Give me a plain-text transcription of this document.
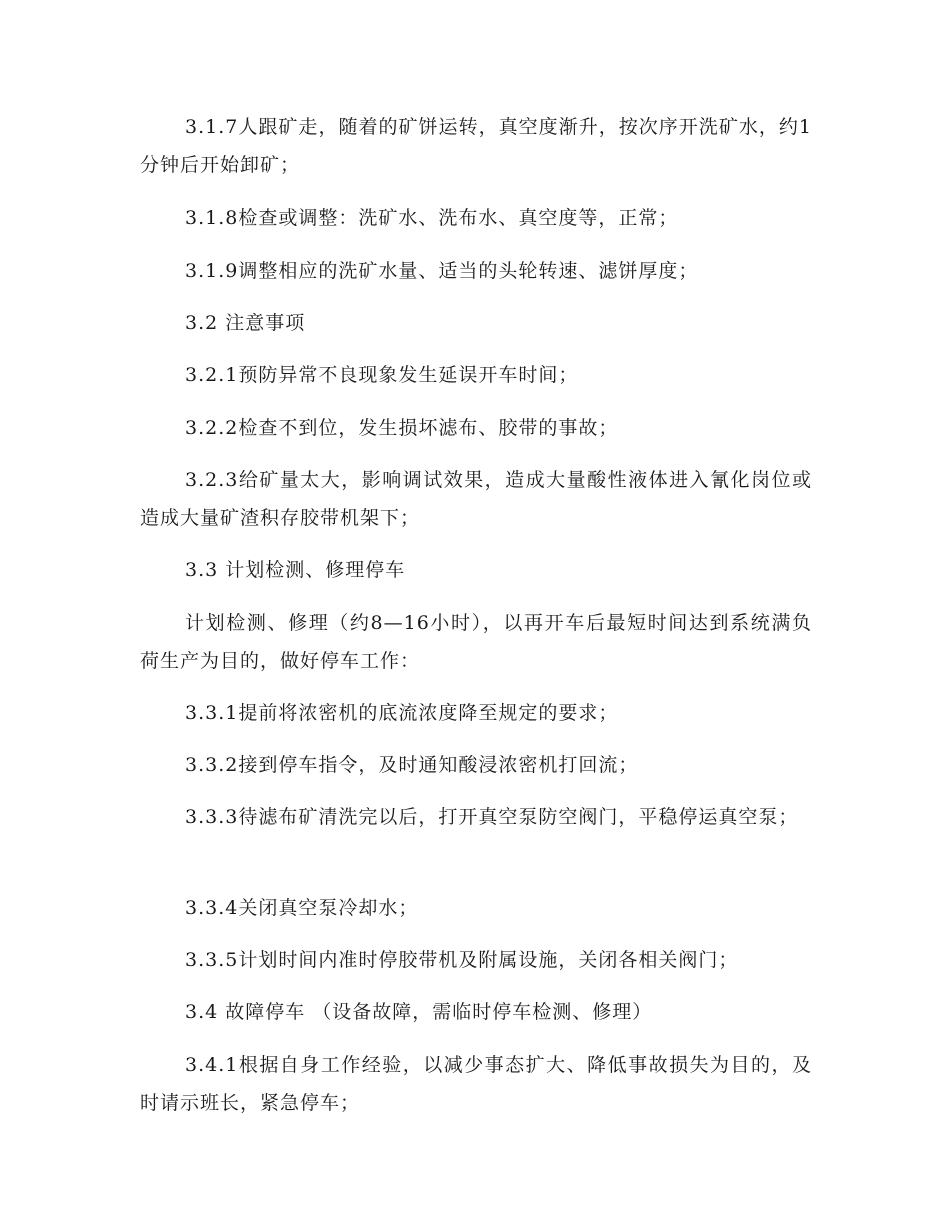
3.1.7人跟矿走，随着的矿饼运转，真空度渐升，按次序开洗矿水，约1分钟后开始卸矿；

3.1.8检查或调整：洗矿水、洗布水、真空度等，正常；

3.1.9调整相应的洗矿水量、适当的头轮转速、滤饼厚度；

3.2 注意事项

3.2.1预防异常不良现象发生延误开车时间；

3.2.2检查不到位，发生损坏滤布、胶带的事故；

3.2.3给矿量太大，影响调试效果，造成大量酸性液体进入氰化岗位或造成大量矿渣积存胶带机架下；

3.3 计划检测、修理停车

计划检测、修理（约8—16小时），以再开车后最短时间达到系统满负荷生产为目的，做好停车工作：

3.3.1提前将浓密机的底流浓度降至规定的要求；

3.3.2接到停车指令，及时通知酸浸浓密机打回流；

3.3.3待滤布矿清洗完以后，打开真空泵防空阀门，平稳停运真空泵；

3.3.4关闭真空泵冷却水；

3.3.5计划时间内准时停胶带机及附属设施，关闭各相关阀门；

3.4 故障停车 （设备故障，需临时停车检测、修理）

3.4.1根据自身工作经验，以减少事态扩大、降低事故损失为目的，及时请示班长，紧急停车；
